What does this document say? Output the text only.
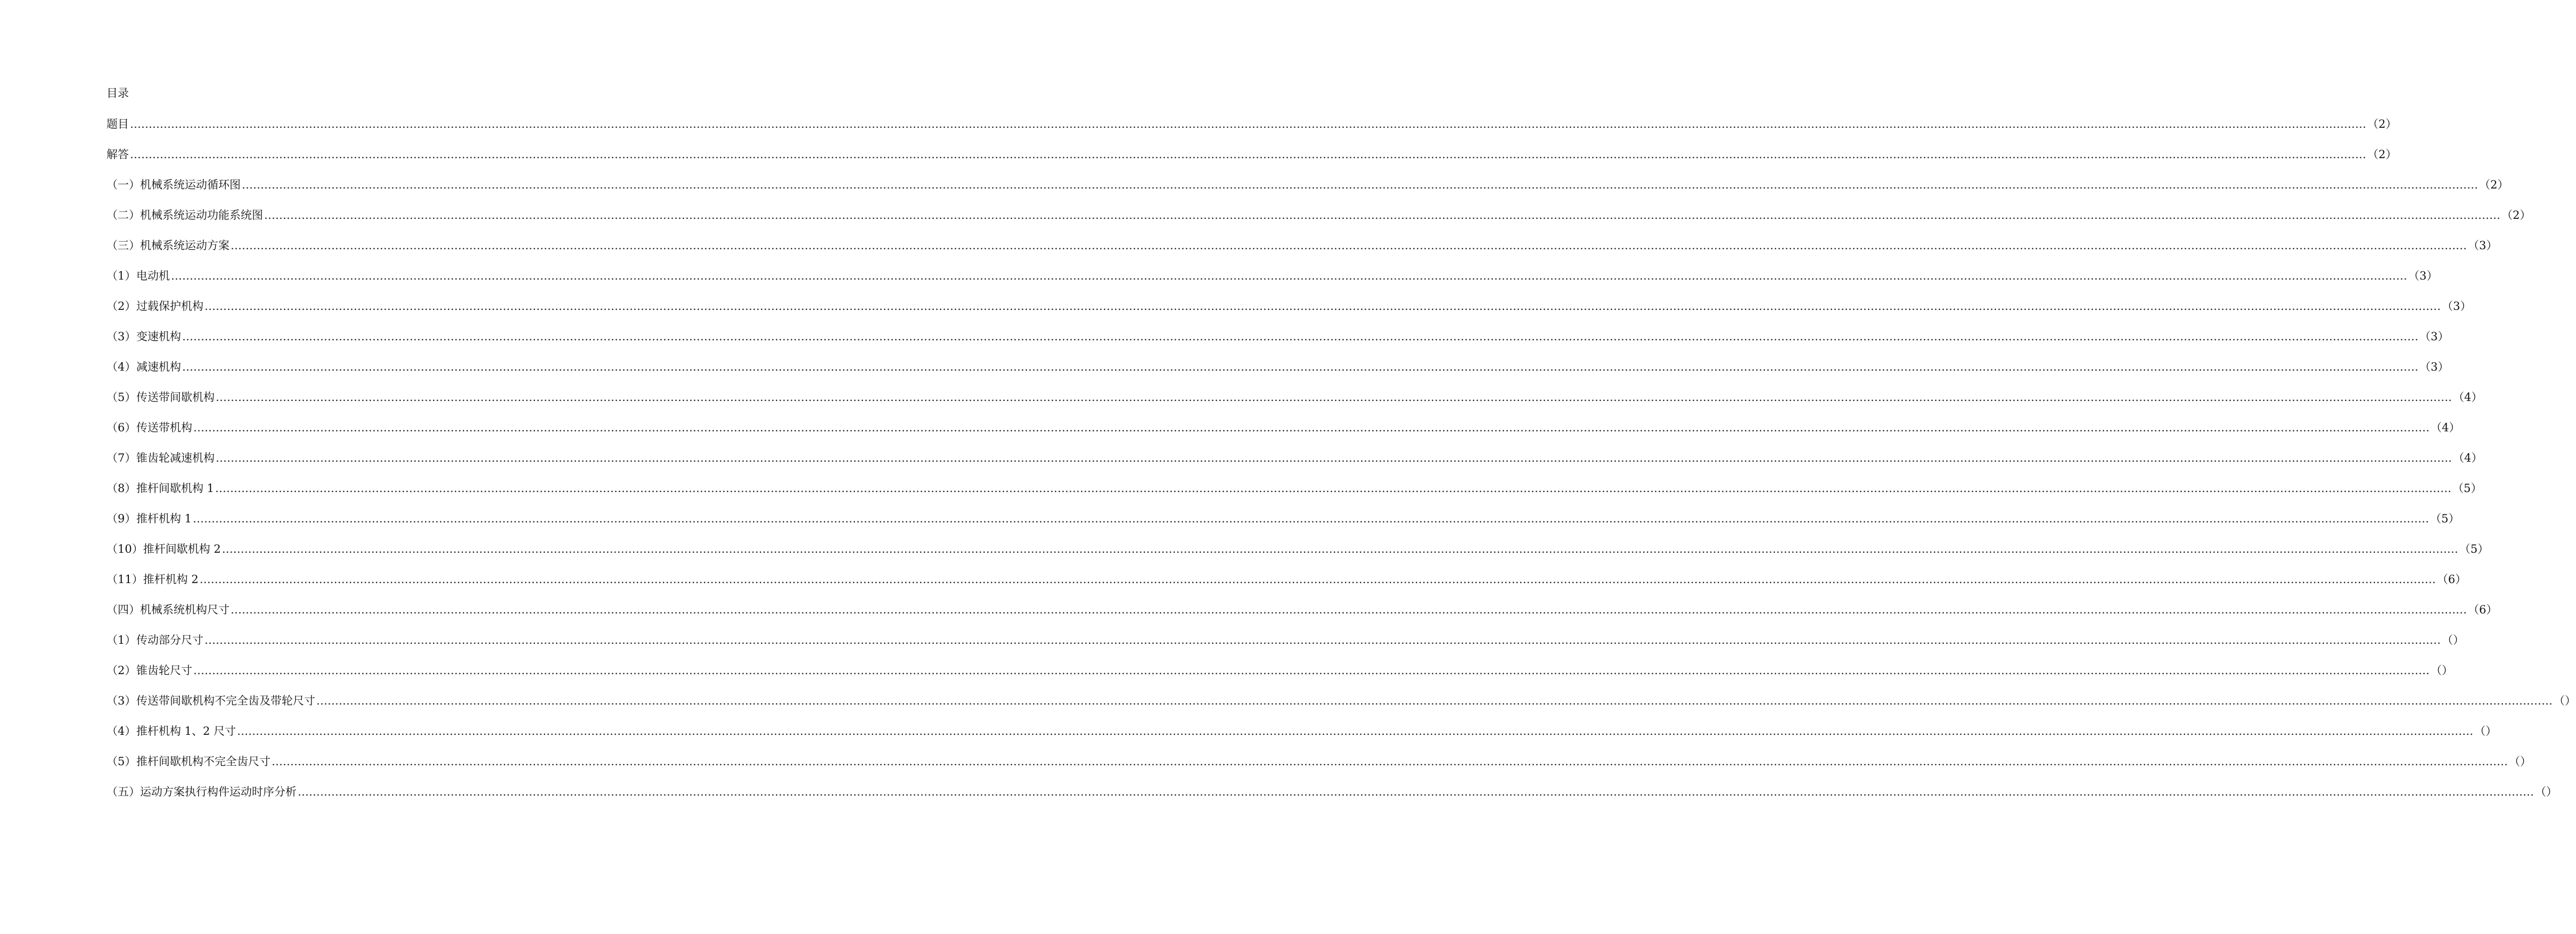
目录
题目 …………………………………………………………………………………………………………………………………………………………………………………………………………………………………………………………………………………………………………………………………………………………………………………………………………………………………………………………………………………………………………………………………………………… （2）
解答 …………………………………………………………………………………………………………………………………………………………………………………………………………………………………………………………………………………………………………………………………………………………………………………………………………………………………………………………………………………………………………………………………………………… （2）
（一）机械系统运动循环图 …………………………………………………………………………………………………………………………………………………………………………………………………………………………………………………………………………………………………………………………………………………………………………………………………………………………………………………………………………………………………………………………………………………… （2）
（二）机械系统运动功能系统图 …………………………………………………………………………………………………………………………………………………………………………………………………………………………………………………………………………………………………………………………………………………………………………………………………………………………………………………………………………………………………………………………………………………… （2）
（三）机械系统运动方案 …………………………………………………………………………………………………………………………………………………………………………………………………………………………………………………………………………………………………………………………………………………………………………………………………………………………………………………………………………………………………………………………………………………… （3）
（1）电动机 …………………………………………………………………………………………………………………………………………………………………………………………………………………………………………………………………………………………………………………………………………………………………………………………………………………………………………………………………………………………………………………………………………………… （3）
（2）过载保护机构 …………………………………………………………………………………………………………………………………………………………………………………………………………………………………………………………………………………………………………………………………………………………………………………………………………………………………………………………………………………………………………………………………………………… （3）
（3）变速机构 …………………………………………………………………………………………………………………………………………………………………………………………………………………………………………………………………………………………………………………………………………………………………………………………………………………………………………………………………………………………………………………………………………………… （3）
（4）减速机构 …………………………………………………………………………………………………………………………………………………………………………………………………………………………………………………………………………………………………………………………………………………………………………………………………………………………………………………………………………………………………………………………………………………… （3）
（5）传送带间歇机构 …………………………………………………………………………………………………………………………………………………………………………………………………………………………………………………………………………………………………………………………………………………………………………………………………………………………………………………………………………………………………………………………………………………… （4）
（6）传送带机构 …………………………………………………………………………………………………………………………………………………………………………………………………………………………………………………………………………………………………………………………………………………………………………………………………………………………………………………………………………………………………………………………………………………… （4）
（7）锥齿轮减速机构 …………………………………………………………………………………………………………………………………………………………………………………………………………………………………………………………………………………………………………………………………………………………………………………………………………………………………………………………………………………………………………………………………………………… （4）
（8）推杆间歇机构 1 …………………………………………………………………………………………………………………………………………………………………………………………………………………………………………………………………………………………………………………………………………………………………………………………………………………………………………………………………………………………………………………………………………………… （5）
（9）推杆机构 1 …………………………………………………………………………………………………………………………………………………………………………………………………………………………………………………………………………………………………………………………………………………………………………………………………………………………………………………………………………………………………………………………………………………… （5）
（10）推杆间歇机构 2 …………………………………………………………………………………………………………………………………………………………………………………………………………………………………………………………………………………………………………………………………………………………………………………………………………………………………………………………………………………………………………………………………………………… （5）
（11）推杆机构 2 …………………………………………………………………………………………………………………………………………………………………………………………………………………………………………………………………………………………………………………………………………………………………………………………………………………………………………………………………………………………………………………………………………………… （6）
（四）机械系统机构尺寸 …………………………………………………………………………………………………………………………………………………………………………………………………………………………………………………………………………………………………………………………………………………………………………………………………………………………………………………………………………………………………………………………………………………… （6）
（1）传动部分尺寸 …………………………………………………………………………………………………………………………………………………………………………………………………………………………………………………………………………………………………………………………………………………………………………………………………………………………………………………………………………………………………………………………………………………… （）
（2）锥齿轮尺寸 …………………………………………………………………………………………………………………………………………………………………………………………………………………………………………………………………………………………………………………………………………………………………………………………………………………………………………………………………………………………………………………………………………………… （）
（3）传送带间歇机构不完全齿及带轮尺寸 …………………………………………………………………………………………………………………………………………………………………………………………………………………………………………………………………………………………………………………………………………………………………………………………………………………………………………………………………………………………………………………………………………………… （）
（4）推杆机构 1、2 尺寸 …………………………………………………………………………………………………………………………………………………………………………………………………………………………………………………………………………………………………………………………………………………………………………………………………………………………………………………………………………………………………………………………………………………… （）
（5）推杆间歇机构不完全齿尺寸 …………………………………………………………………………………………………………………………………………………………………………………………………………………………………………………………………………………………………………………………………………………………………………………………………………………………………………………………………………………………………………………………………………………… （）
（五）运动方案执行构件运动时序分析 …………………………………………………………………………………………………………………………………………………………………………………………………………………………………………………………………………………………………………………………………………………………………………………………………………………………………………………………………………………………………………………………………………………… （）
